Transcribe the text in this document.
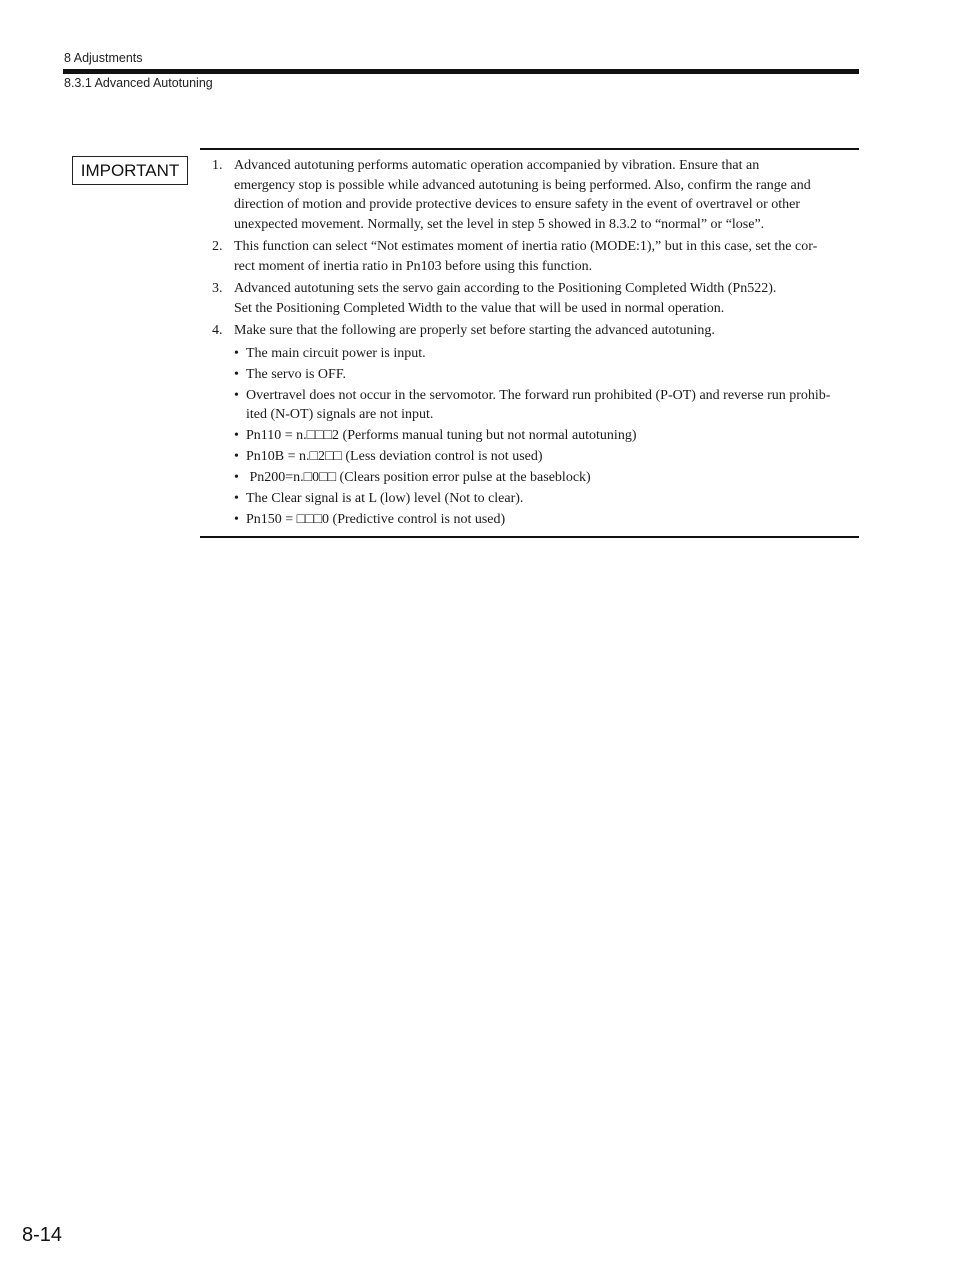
8 Adjustments
8.3.1 Advanced Autotuning
IMPORTANT	1. Advanced autotuning performs automatic operation accompanied by vibration. Ensure that an
emergency stop is possible while advanced autotuning is being performed. Also, confirm the range and
direction of motion and provide protective devices to ensure safety in the event of overtravel or other
unexpected movement. Normally, set the level in step 5 showed in 8.3.2 to “normal” or “lose”.
2. This function can select “Not estimates moment of inertia ratio (MODE:1),” but in this case, set the cor-
rect moment of inertia ratio in Pn103 before using this function.
3. Advanced autotuning sets the servo gain according to the Positioning Completed Width (Pn522).
Set the Positioning Completed Width to the value that will be used in normal operation.
4. Make sure that the following are properly set before starting the advanced autotuning.
• The main circuit power is input.
• The servo is OFF.
• Overtravel does not occur in the servomotor. The forward run prohibited (P-OT) and reverse run prohib-
ited (N-OT) signals are not input.
• Pn110 = n.□□□2 (Performs manual tuning but not normal autotuning)
• Pn10B = n.□2□□ (Less deviation control is not used)
• Pn200=n.□0□□ (Clears position error pulse at the baseblock)
• The Clear signal is at L (low) level (Not to clear).
• Pn150 = □□□0 (Predictive control is not used)
8-14
